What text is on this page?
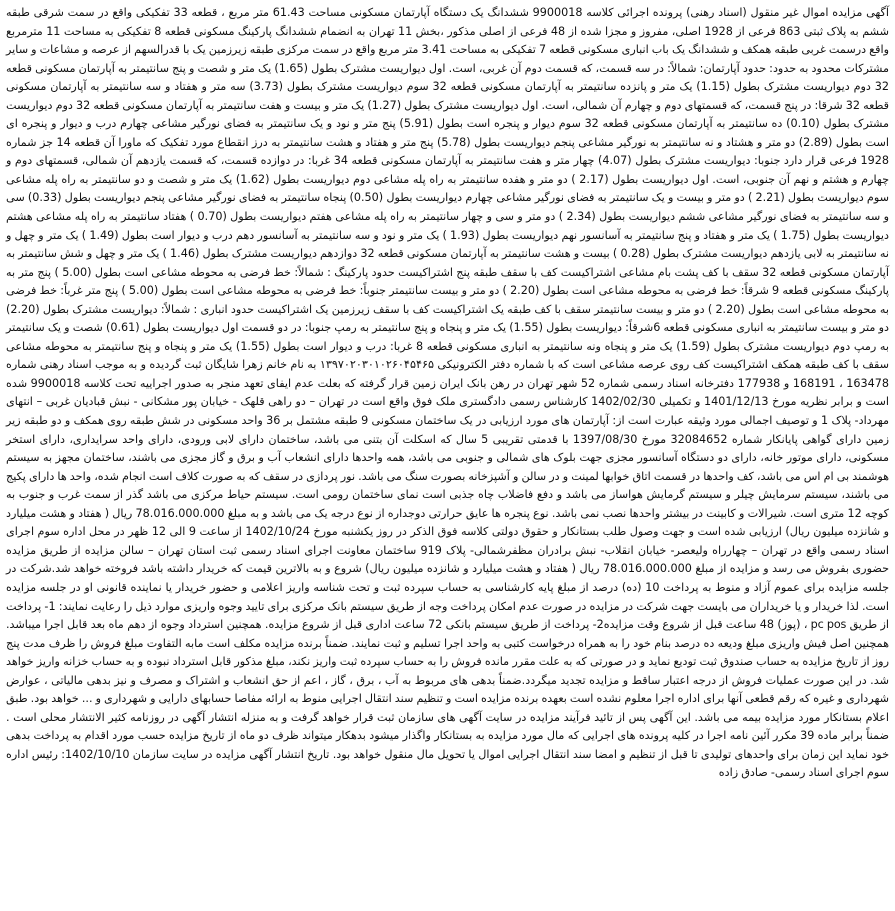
آگهی مزایده اموال غیر منقول (اسناد رهنی) پرونده اجرائی کلاسه 9900018 ششدانگ یک دستگاه آپارتمان مسکونی مساحت 61.43 متر مربع ، قطعه 33 تفکیکی واقع در سمت شرقی طبقه ششم به پلاک ثبتی 863 فرعی از 1928 اصلی، مفروز و مجزا شده از 48 فرعی از اصلی مذکور ،بخش 11 تهران به انضمام ششدانگ پارکینگ مسکونی قطعه 8 تفکیکی به مساحت 11 مترمربع واقع درسمت غربی طبقه همکف و ششدانگ یک باب انباری مسکونی قطعه 7 تفکیکی به مساحت 3.41 متر مربع واقع در سمت مرکزی طبقه زیرزمین یک با قدرالسهم از عرصه و مشاعات و سایر مشترکات محدود به حدود: حدود آپارتمان: شمالاً: در سه قسمت، که قسمت دوم آن غربی، است. اول دیواریست مشترک بطول (1.65) یک متر و شصت و پنج سانتیمتر به آپارتمان مسکونی قطعه 32 دوم دیواریست مشترک بطول (1.15) یک متر و پانزده سانتیمتر به آپارتمان مسکونی قطعه 32 سوم دیواریست مشترک بطول (3.73) سه متر و هفتاد و سه سانتیمتر به آپارتمان مسکونی قطعه 32 شرقا: در پنج قسمت، که قسمتهای دوم و چهارم آن شمالی، است. اول دیواریست مشترک بطول (1.27) یک متر و بیست و هفت سانتیمتر به آپارتمان مسکونی قطعه 32 دوم دیواریست مشترک بطول (0.10) ده سانتیمتر به آپارتمان مسکونی قطعه 32 سوم دیوار و پنجره است بطول (5.91) پنج متر و نود و یک سانتیمتر به فضای نورگیر مشاعی چهارم درب و دیوار و پنجره ای است بطول (2.89) دو متر و هشتاد و نه سانتیمتر به نورگیر مشاعی پنجم دیواریست بطول (5.78) پنج متر و هفتاد و هشت سانتیمتر به درز انقطاع مورد تفکیک که ماورا آن قطعه 14 جز شماره 1928 فرعی قرار دارد جنوبا: دیواریست مشترک بطول (4.07) چهار متر و هفت سانتیمتر به آپارتمان مسکونی قطعه 34 غربا: در دوازده قسمت، که قسمت یازدهم آن شمالی، قسمتهای دوم و چهارم و هشتم و نهم آن جنوبی، است. اول دیواریست بطول (2.17 ) دو متر و هفده سانتیمتر به راه پله مشاعی دوم دیواریست بطول (1.62) یک متر و شصت و دو سانتیمتر به راه پله مشاعی سوم دیواریست بطول (2.21 ) دو متر و بیست و یک سانتیمتر به فضای نورگیر مشاعی چهارم دیواریست بطول (0.50) پنجاه سانتیمتر به فضای نورگیر مشاعی پنجم دیواریست بطول (0.33) سی و سه سانتیمتر به فضای نورگیر مشاعی ششم دیواریست بطول (2.34 ) دو متر و سی و چهار سانتیمتر به راه پله مشاعی هفتم دیواریست بطول (0.70 ) هفتاد سانتیمتر به راه پله مشاعی هشتم دیواریست بطول (1.75 ) یک متر و هفتاد و پنج سانتیمتر به آسانسور نهم دیواریست بطول (1.93 ) یک متر و نود و سه سانتیمتر به آسانسور دهم درب و دیوار است بطول (1.49 ) یک متر و چهل و نه سانتیمتر به لابی یازدهم دیواریست مشترک بطول (0.28 ) بیست و هشت سانتیمتر به آپارتمان مسکونی قطعه 32 دوازدهم دیواریست مشترک بطول (1.46 ) یک متر و چهل و شش سانتیمتر به آپارتمان مسکونی قطعه 32 سقف با کف پشت بام مشاعی اشتراکیست کف با سقف طبقه پنج اشتراکیست حدود پارکینگ : شمالاً: خط فرضی به محوطه مشاعی است بطول (5.00 ) پنج متر به پارکینگ مسکونی قطعه 9 شرقاً: خط فرضی به محوطه مشاعی است بطول (2.20 ) دو متر و بیست سانتیمتر جنوباً: خط فرضی به محوطه مشاعی است بطول (5.00 ) پنج متر غرباً: خط فرضی به محوطه مشاعی است بطول (2.20 ) دو متر و بیست سانتیمتر سقف با کف طبقه یک اشتراکیست کف با سقف زیرزمین یک اشتراکیست حدود انباری : شمالاً: دیواریست مشترک بطول (2.20) دو متر و بیست سانتیمتر به انباری مسکونی قطعه 6شرقاً: دیواریست بطول (1.55) یک متر و پنجاه و پنج سانتیمتر به رمپ جنوبا: در دو قسمت اول دیواریست بطول (0.61) شصت و یک سانتیمتر به رمپ دوم دیواریست مشترک بطول (1.59) یک متر و پنجاه ونه سانتیمتر به انباری مسکونی قطعه 8 غربا: درب و دیوار است بطول (1.55) یک متر و پنجاه و پنج سانتیمتر به محوطه مشاعی سقف با کف طبقه همکف اشتراکیست کف روی عرصه مشاعی است که با شماره دفتر الکترونیکی ۱۳۹۷۰۲۰۳۰۱۰۲۶۰۴۵۴۶۵ به نام خانم زهرا شایگان ثبت گردیده و به موجب اسناد رهنی شماره 163478 ، 168191 و 177938 دفترخانه اسناد رسمی شماره 52 شهر تهران در رهن بانک ایران زمین قرار گرفته که بعلت عدم ایفای تعهد منجر به صدور اجراییه تحت کلاسه 9900018 شده است و برابر نظریه مورخ 1401/12/13 و تکمیلی 1402/02/30 کارشناس رسمی دادگستری ملک فوق واقع است در تهران – دو راهی قلهک - خیابان پور مشکانی - نبش قبادیان غربی – انتهای مهرداد- پلاک 1 و توصیف اجمالی مورد وثیقه عبارت است از: آپارتمان های مورد ارزیابی در یک ساختمان مسکونی 9 طبقه مشتمل بر 36 واحد مسکونی در شش طبقه روی همکف و دو طبقه زیر زمین دارای گواهی پایانکار شماره 32084652 مورخ 1397/08/30 با قدمتی تقریبی 5 سال که اسکلت آن بتنی می باشد، ساختمان دارای لابی ورودی، دارای واحد سرایداری، دارای استخر مسکونی، دارای موتور خانه، دارای دو دستگاه آسانسور مجزی جهت بلوک های شمالی و جنوبی می باشد، همه واحدها دارای انشعاب آب و برق و گاز مجزی می باشند، ساختمان مجهز به سیستم هوشمند بی ام اس می باشد، کف واحدها در قسمت اتاق خوابها لمینت و در سالن و آشپزخانه بصورت سنگ می باشد. نور پردازی در سقف که به صورت کلاف است انجام شده، واحد ها دارای پکیج می باشند، سیستم سرمایش چیلر و سیستم گرمایش هواساز می باشد و دفع فاضلاب چاه جذبی است نمای ساختمان رومی است. سیستم حیاط مرکزی می باشد گذر از سمت غرب و جنوب به کوچه 12 متری است. شیرالات و کابینت در بیشتر واحدها نصب نمی باشد. نوع پنجره ها عایق حرارتی دوجداره از نوع درجه یک می باشد و به مبلغ 78.016.000.000 ریال ( هفتاد و هشت میلیارد و شانزده میلیون ریال) ارزیابی شده است و جهت وصول طلب بستانکار و حقوق دولتی کلاسه فوق الذکر در روز یکشنبه مورخ 1402/10/24 از ساعت 9 الی 12 ظهر در محل اداره سوم اجرای اسناد رسمی واقع در تهران – چهارراه ولیعصر- خیابان انقلاب- نبش برادران مظفرشمالی- پلاک 919 ساختمان معاونت اجرای اسناد رسمی ثبت استان تهران – سالن مزایده از طریق مزایده حضوری بفروش می رسد و مزایده از مبلغ 78.016.000.000 ریال ( هفتاد و هشت میلیارد و شانزده میلیون ریال) شروع و به بالاترین قیمت که خریدار داشته باشد فروخته خواهد شد.شرکت در جلسه مزایده برای عموم آزاد و منوط به پرداخت 10 (ده) درصد از مبلغ پایه کارشناسی به حساب سپرده ثبت و تحت شناسه واریز اعلامی و حضور خریدار یا نماینده قانونی او در جلسه مزایده است. لذا خریدار و یا خریداران می بایست جهت شرکت در مزایده در صورت عدم امکان پرداخت وجه از طریق سیستم بانک مرکزی برای تایید وجوه واریزی موارد ذیل را رعایت نمایند: 1- پرداخت از طریق pc pos ، (پوز) 48 ساعت قبل از شروع وقت مزایده2- پرداخت از طریق سیستم بانکی 72 ساعت اداری قبل از شروع مزایده. همچنین استرداد وجوه از دهم ماه بعد قابل اجرا میباشد. همچنین اصل فیش واریزی مبلغ ودیعه ده درصد بنام خود را به همراه درخواست کتبی به واحد اجرا تسلیم و ثبت نمایند. ضمناً برنده مزایده مکلف است مابه التفاوت مبلغ فروش را ظرف مدت پنج روز از تاریخ مزایده به حساب صندوق ثبت تودیع نماید و در صورتی که به علت مقرر مانده فروش را به حساب سپرده ثبت واریز نکند، مبلغ مذکور قابل استرداد نبوده و به حساب خزانه واریز خواهد شد. در این صورت عملیات فروش از درجه اعتبار ساقط و مزایده تجدید میگردد.ضمناً بدهی های مربوط به آب ، برق ، گاز ، اعم از حق انشعاب و اشتراک و مصرف و نیز بدهی مالیاتی ، عوارض شهرداری و غیره که رقم قطعی آنها برای اداره اجرا معلوم نشده است بعهده برنده مزایده است و تنظیم سند انتقال اجرایی منوط به ارائه مفاصا حسابهای دارایی و شهرداری و ... خواهد بود. طبق اعلام بستانکار مورد مزایده بیمه می باشد. این آگهی پس از تائید فرآیند مزایده در سایت آگهی های سازمان ثبت قرار خواهد گرفت و به منزله انتشار آگهی در روزنامه کثیر الانتشار محلی است . ضمناً برابر ماده 39 مکرر آئین نامه اجرا در کلیه پرونده های اجرایی که مال مورد مزایده به بستانکار واگذار میشود بدهکار میتواند ظرف دو ماه از تاریخ مزایده حسب مورد اقدام به پرداخت بدهی خود نماید این زمان برای واحدهای تولیدی تا قبل از تنظیم و امضا سند انتقال اجرایی اموال یا تحویل مال منقول خواهد بود. تاریخ انتشار آگهی مزایده در سایت سازمان 1402/10/10: رئیس اداره سوم اجرای اسناد رسمی- صادق زاده
